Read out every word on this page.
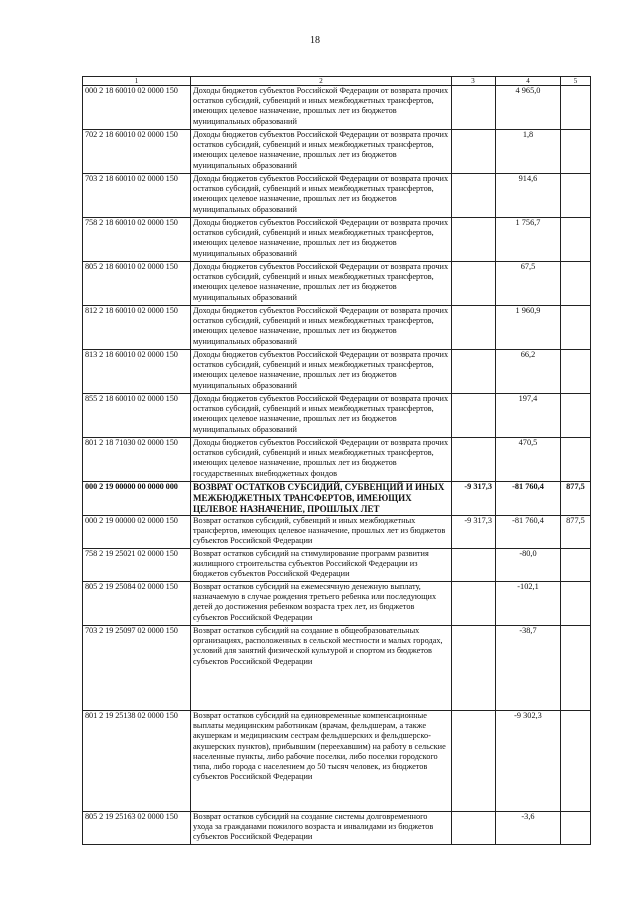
18
1	2	3	4	5
000 2 18 60010 02 0000 150	Доходы бюджетов субъектов Российской Федерации от возврата прочих остатков субсидий, субвенций и иных межбюджетных трансфертов, имеющих целевое назначение, прошлых лет из бюджетов муниципальных образований		4 965,0	
702 2 18 60010 02 0000 150	Доходы бюджетов субъектов Российской Федерации от возврата прочих остатков субсидий, субвенций и иных межбюджетных трансфертов, имеющих целевое назначение, прошлых лет из бюджетов муниципальных образований		1,8	
703 2 18 60010 02 0000 150	Доходы бюджетов субъектов Российской Федерации от возврата прочих остатков субсидий, субвенций и иных межбюджетных трансфертов, имеющих целевое назначение, прошлых лет из бюджетов муниципальных образований		914,6	
758 2 18 60010 02 0000 150	Доходы бюджетов субъектов Российской Федерации от возврата прочих остатков субсидий, субвенций и иных межбюджетных трансфертов, имеющих целевое назначение, прошлых лет из бюджетов муниципальных образований		1 756,7	
805 2 18 60010 02 0000 150	Доходы бюджетов субъектов Российской Федерации от возврата прочих остатков субсидий, субвенций и иных межбюджетных трансфертов, имеющих целевое назначение, прошлых лет из бюджетов муниципальных образований		67,5	
812 2 18 60010 02 0000 150	Доходы бюджетов субъектов Российской Федерации от возврата прочих остатков субсидий, субвенций и иных межбюджетных трансфертов, имеющих целевое назначение, прошлых лет из бюджетов муниципальных образований		1 960,9	
813 2 18 60010 02 0000 150	Доходы бюджетов субъектов Российской Федерации от возврата прочих остатков субсидий, субвенций и иных межбюджетных трансфертов, имеющих целевое назначение, прошлых лет из бюджетов муниципальных образований		66,2	
855 2 18 60010 02 0000 150	Доходы бюджетов субъектов Российской Федерации от возврата прочих остатков субсидий, субвенций и иных межбюджетных трансфертов, имеющих целевое назначение, прошлых лет из бюджетов муниципальных образований		197,4	
801 2 18 71030 02 0000 150	Доходы бюджетов субъектов Российской Федерации от возврата прочих остатков субсидий, субвенций и иных межбюджетных трансфертов, имеющих целевое назначение, прошлых лет из бюджетов государственных внебюджетных фондов		470,5	
000 2 19 00000 00 0000 000	ВОЗВРАТ ОСТАТКОВ СУБСИДИЙ, СУБВЕНЦИЙ И ИНЫХ МЕЖБЮДЖЕТНЫХ ТРАНСФЕРТОВ, ИМЕЮЩИХ ЦЕЛЕВОЕ НАЗНАЧЕНИЕ, ПРОШЛЫХ ЛЕТ	-9 317,3	-81 760,4	877,5
000 2 19 00000 02 0000 150	Возврат остатков субсидий, субвенций и иных межбюджетных трансфертов, имеющих целевое назначение, прошлых лет из бюджетов субъектов Российской Федерации	-9 317,3	-81 760,4	877,5
758 2 19 25021 02 0000 150	Возврат остатков субсидий на стимулирование программ развития жилищного строительства субъектов Российской Федерации из бюджетов субъектов Российской Федерации		-80,0	
805 2 19 25084 02 0000 150	Возврат остатков субсидий на ежемесячную денежную выплату, назначаемую в случае рождения третьего ребенка или последующих детей до достижения ребенком возраста трех лет, из бюджетов субъектов Российской Федерации		-102,1	
703 2 19 25097 02 0000 150	Возврат остатков субсидий на создание в общеобразовательных организациях, расположенных в сельской местности и малых городах, условий для занятий физической культурой и спортом из бюджетов субъектов Российской Федерации		-38,7	
801 2 19 25138 02 0000 150	Возврат остатков субсидий на единовременные компенсационные выплаты медицинским работникам (врачам, фельдшерам, а также акушеркам и медицинским сестрам фельдшерских и фельдшерско-акушерских пунктов), прибывшим (переехавшим) на работу в сельские населенные пункты, либо рабочие поселки, либо поселки городского типа, либо города с населением до 50 тысяч человек, из бюджетов субъектов Российской Федерации		-9 302,3	
805 2 19 25163 02 0000 150	Возврат остатков субсидий на создание системы долговременного ухода за гражданами пожилого возраста и инвалидами из бюджетов субъектов Российской Федерации		-3,6	
